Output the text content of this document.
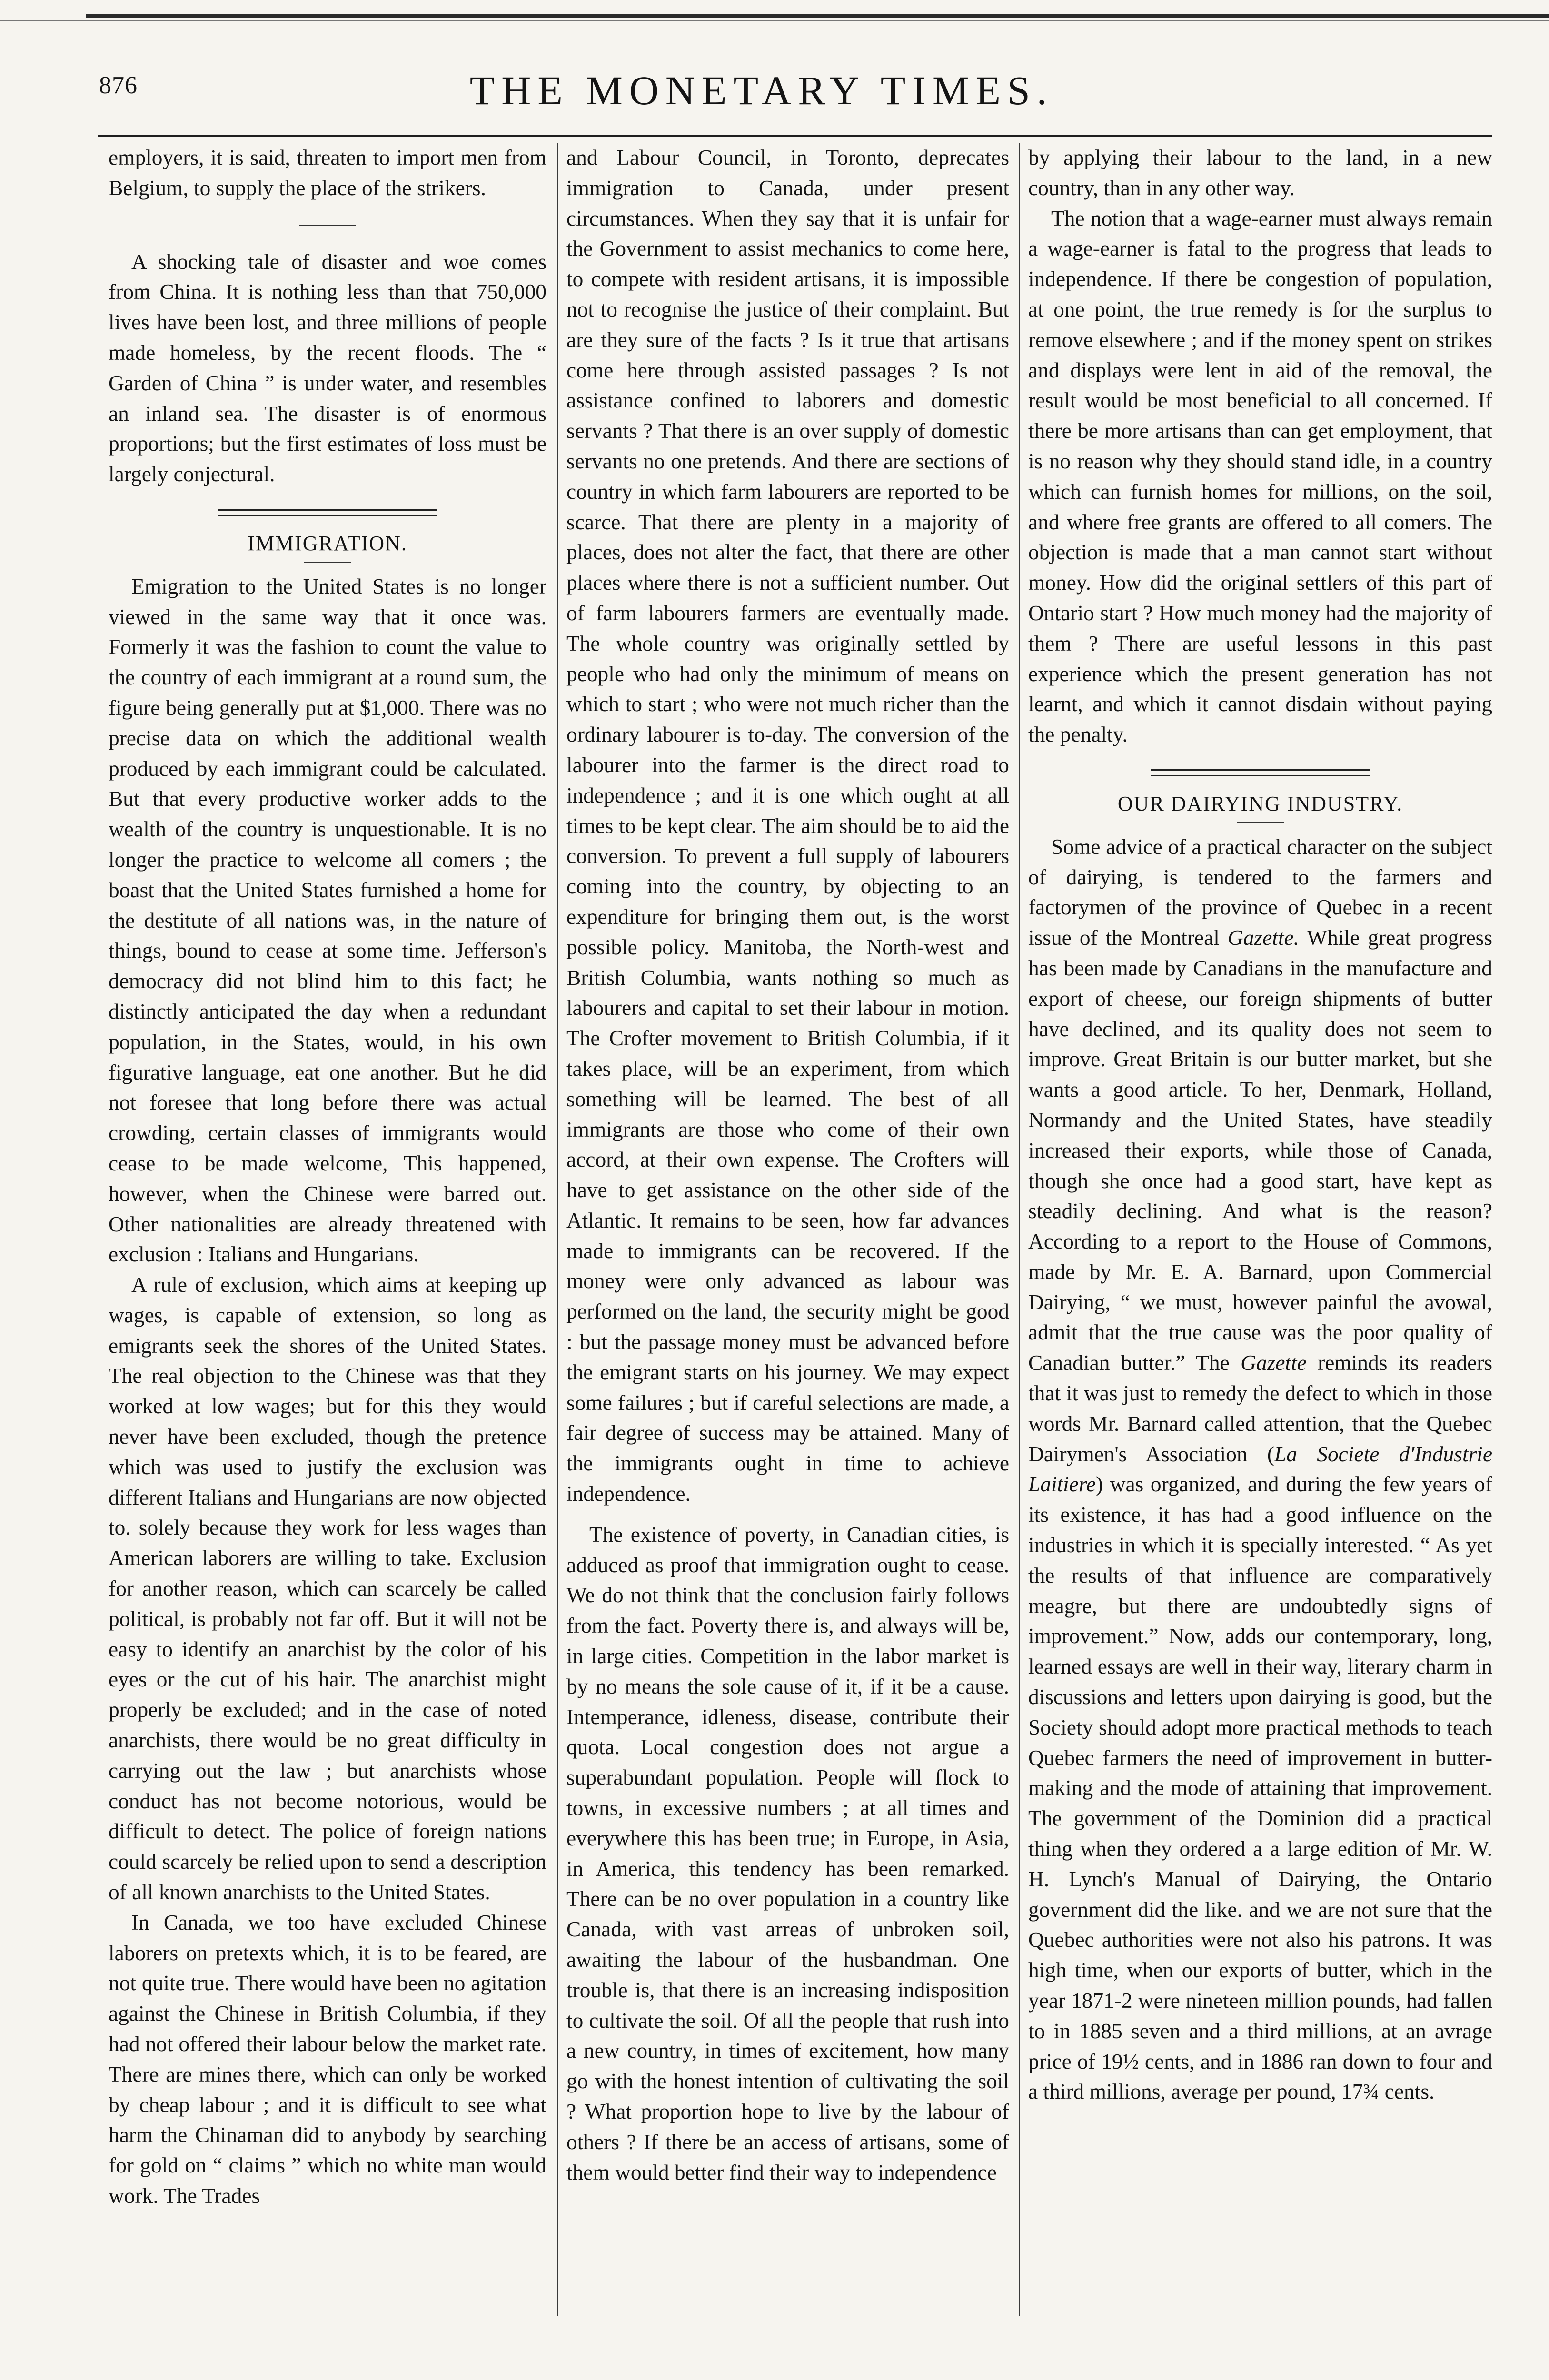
876	THE MONETARY TIMES.

employers, it is said, threaten to import men from Belgium, to supply the place of the strikers.

A shocking tale of disaster and woe comes from China. It is nothing less than that 750,000 lives have been lost, and three millions of people made homeless, by the recent floods. The “ Garden of China ” is under water, and resembles an inland sea. The disaster is of enormous proportions; but the first estimates of loss must be largely conjectural.

IMMIGRATION.

Emigration to the United States is no longer viewed in the same way that it once was. Formerly it was the fashion to count the value to the country of each immigrant at a round sum, the figure being generally put at $1,000. There was no precise data on which the additional wealth produced by each immigrant could be calculated. But that every productive worker adds to the wealth of the country is unquestionable. It is no longer the practice to welcome all comers ; the boast that the United States furnished a home for the destitute of all nations was, in the nature of things, bound to cease at some time. Jefferson's democracy did not blind him to this fact; he distinctly anticipated the day when a redundant population, in the States, would, in his own figurative language, eat one another. But he did not foresee that long before there was actual crowding, certain classes of immigrants would cease to be made welcome, This happened, however, when the Chinese were barred out. Other nationalities are already threatened with exclusion : Italians and Hungarians.

A rule of exclusion, which aims at keeping up wages, is capable of extension, so long as emigrants seek the shores of the United States. The real objection to the Chinese was that they worked at low wages; but for this they would never have been excluded, though the pretence which was used to justify the exclusion was different Italians and Hungarians are now objected to. solely because they work for less wages than American laborers are willing to take. Exclusion for another reason, which can scarcely be called political, is probably not far off. But it will not be easy to identify an anarchist by the color of his eyes or the cut of his hair. The anarchist might properly be excluded; and in the case of noted anarchists, there would be no great difficulty in carrying out the law ; but anarchists whose conduct has not become notorious, would be difficult to detect. The police of foreign nations could scarcely be relied upon to send a description of all known anarchists to the United States.

In Canada, we too have excluded Chinese laborers on pretexts which, it is to be feared, are not quite true. There would have been no agitation against the Chinese in British Columbia, if they had not offered their labour below the market rate. There are mines there, which can only be worked by cheap labour ; and it is difficult to see what harm the Chinaman did to anybody by searching for gold on “ claims ” which no white man would work. The Trades

and Labour Council, in Toronto, deprecates immigration to Canada, under present circumstances. When they say that it is unfair for the Government to assist mechanics to come here, to compete with resident artisans, it is impossible not to recognise the justice of their complaint. But are they sure of the facts ? Is it true that artisans come here through assisted passages ? Is not assistance confined to laborers and domestic servants ? That there is an over supply of domestic servants no one pretends. And there are sections of country in which farm labourers are reported to be scarce. That there are plenty in a majority of places, does not alter the fact, that there are other places where there is not a sufficient number. Out of farm labourers farmers are eventually made. The whole country was originally settled by people who had only the minimum of means on which to start ; who were not much richer than the ordinary labourer is to-day. The conversion of the labourer into the farmer is the direct road to independence ; and it is one which ought at all times to be kept clear. The aim should be to aid the conversion. To prevent a full supply of labourers coming into the country, by objecting to an expenditure for bringing them out, is the worst possible policy. Manitoba, the North-west and British Columbia, wants nothing so much as labourers and capital to set their labour in motion. The Crofter movement to British Columbia, if it takes place, will be an experiment, from which something will be learned. The best of all immigrants are those who come of their own accord, at their own expense. The Crofters will have to get assistance on the other side of the Atlantic. It remains to be seen, how far advances made to immigrants can be recovered. If the money were only advanced as labour was performed on the land, the security might be good : but the passage money must be advanced before the emigrant starts on his journey. We may expect some failures ; but if careful selections are made, a fair degree of success may be attained. Many of the immigrants ought in time to achieve independence.

The existence of poverty, in Canadian cities, is adduced as proof that immigration ought to cease. We do not think that the conclusion fairly follows from the fact. Poverty there is, and always will be, in large cities. Competition in the labor market is by no means the sole cause of it, if it be a cause. Intemperance, idleness, disease, contribute their quota. Local congestion does not argue a superabundant population. People will flock to towns, in excessive numbers ; at all times and everywhere this has been true; in Europe, in Asia, in America, this tendency has been remarked. There can be no over population in a country like Canada, with vast arreas of unbroken soil, awaiting the labour of the husbandman. One trouble is, that there is an increasing indisposition to cultivate the soil. Of all the people that rush into a new country, in times of excitement, how many go with the honest intention of cultivating the soil ? What proportion hope to live by the labour of others ? If there be an access of artisans, some of them would better find their way to independence

by applying their labour to the land, in a new country, than in any other way.

The notion that a wage-earner must always remain a wage-earner is fatal to the progress that leads to independence. If there be congestion of population, at one point, the true remedy is for the surplus to remove elsewhere ; and if the money spent on strikes and displays were lent in aid of the removal, the result would be most beneficial to all concerned. If there be more artisans than can get employment, that is no reason why they should stand idle, in a country which can furnish homes for millions, on the soil, and where free grants are offered to all comers. The objection is made that a man cannot start without money. How did the original settlers of this part of Ontario start ? How much money had the majority of them ? There are useful lessons in this past experience which the present generation has not learnt, and which it cannot disdain without paying the penalty.

OUR DAIRYING INDUSTRY.

Some advice of a practical character on the subject of dairying, is tendered to the farmers and factorymen of the province of Quebec in a recent issue of the Montreal Gazette. While great progress has been made by Canadians in the manufacture and export of cheese, our foreign shipments of butter have declined, and its quality does not seem to improve. Great Britain is our butter market, but she wants a good article. To her, Denmark, Holland, Normandy and the United States, have steadily increased their exports, while those of Canada, though she once had a good start, have kept as steadily declining. And what is the reason? According to a report to the House of Commons, made by Mr. E. A. Barnard, upon Commercial Dairying, “ we must, however painful the avowal, admit that the true cause was the poor quality of Canadian butter.” The Gazette reminds its readers that it was just to remedy the defect to which in those words Mr. Barnard called attention, that the Quebec Dairymen's Association (La Societe d'Industrie Laitiere) was organized, and during the few years of its existence, it has had a good influence on the industries in which it is specially interested. “ As yet the results of that influence are comparatively meagre, but there are undoubtedly signs of improvement.” Now, adds our contemporary, long, learned essays are well in their way, literary charm in discussions and letters upon dairying is good, but the Society should adopt more practical methods to teach Quebec farmers the need of improvement in butter-making and the mode of attaining that improvement. The government of the Dominion did a practical thing when they ordered a a large edition of Mr. W. H. Lynch's Manual of Dairying, the Ontario government did the like. and we are not sure that the Quebec authorities were not also his patrons. It was high time, when our exports of butter, which in the year 1871-2 were nineteen million pounds, had fallen to in 1885 seven and a third millions, at an avrage price of 19½ cents, and in 1886 ran down to four and a third millions, average per pound, 17¾ cents.
